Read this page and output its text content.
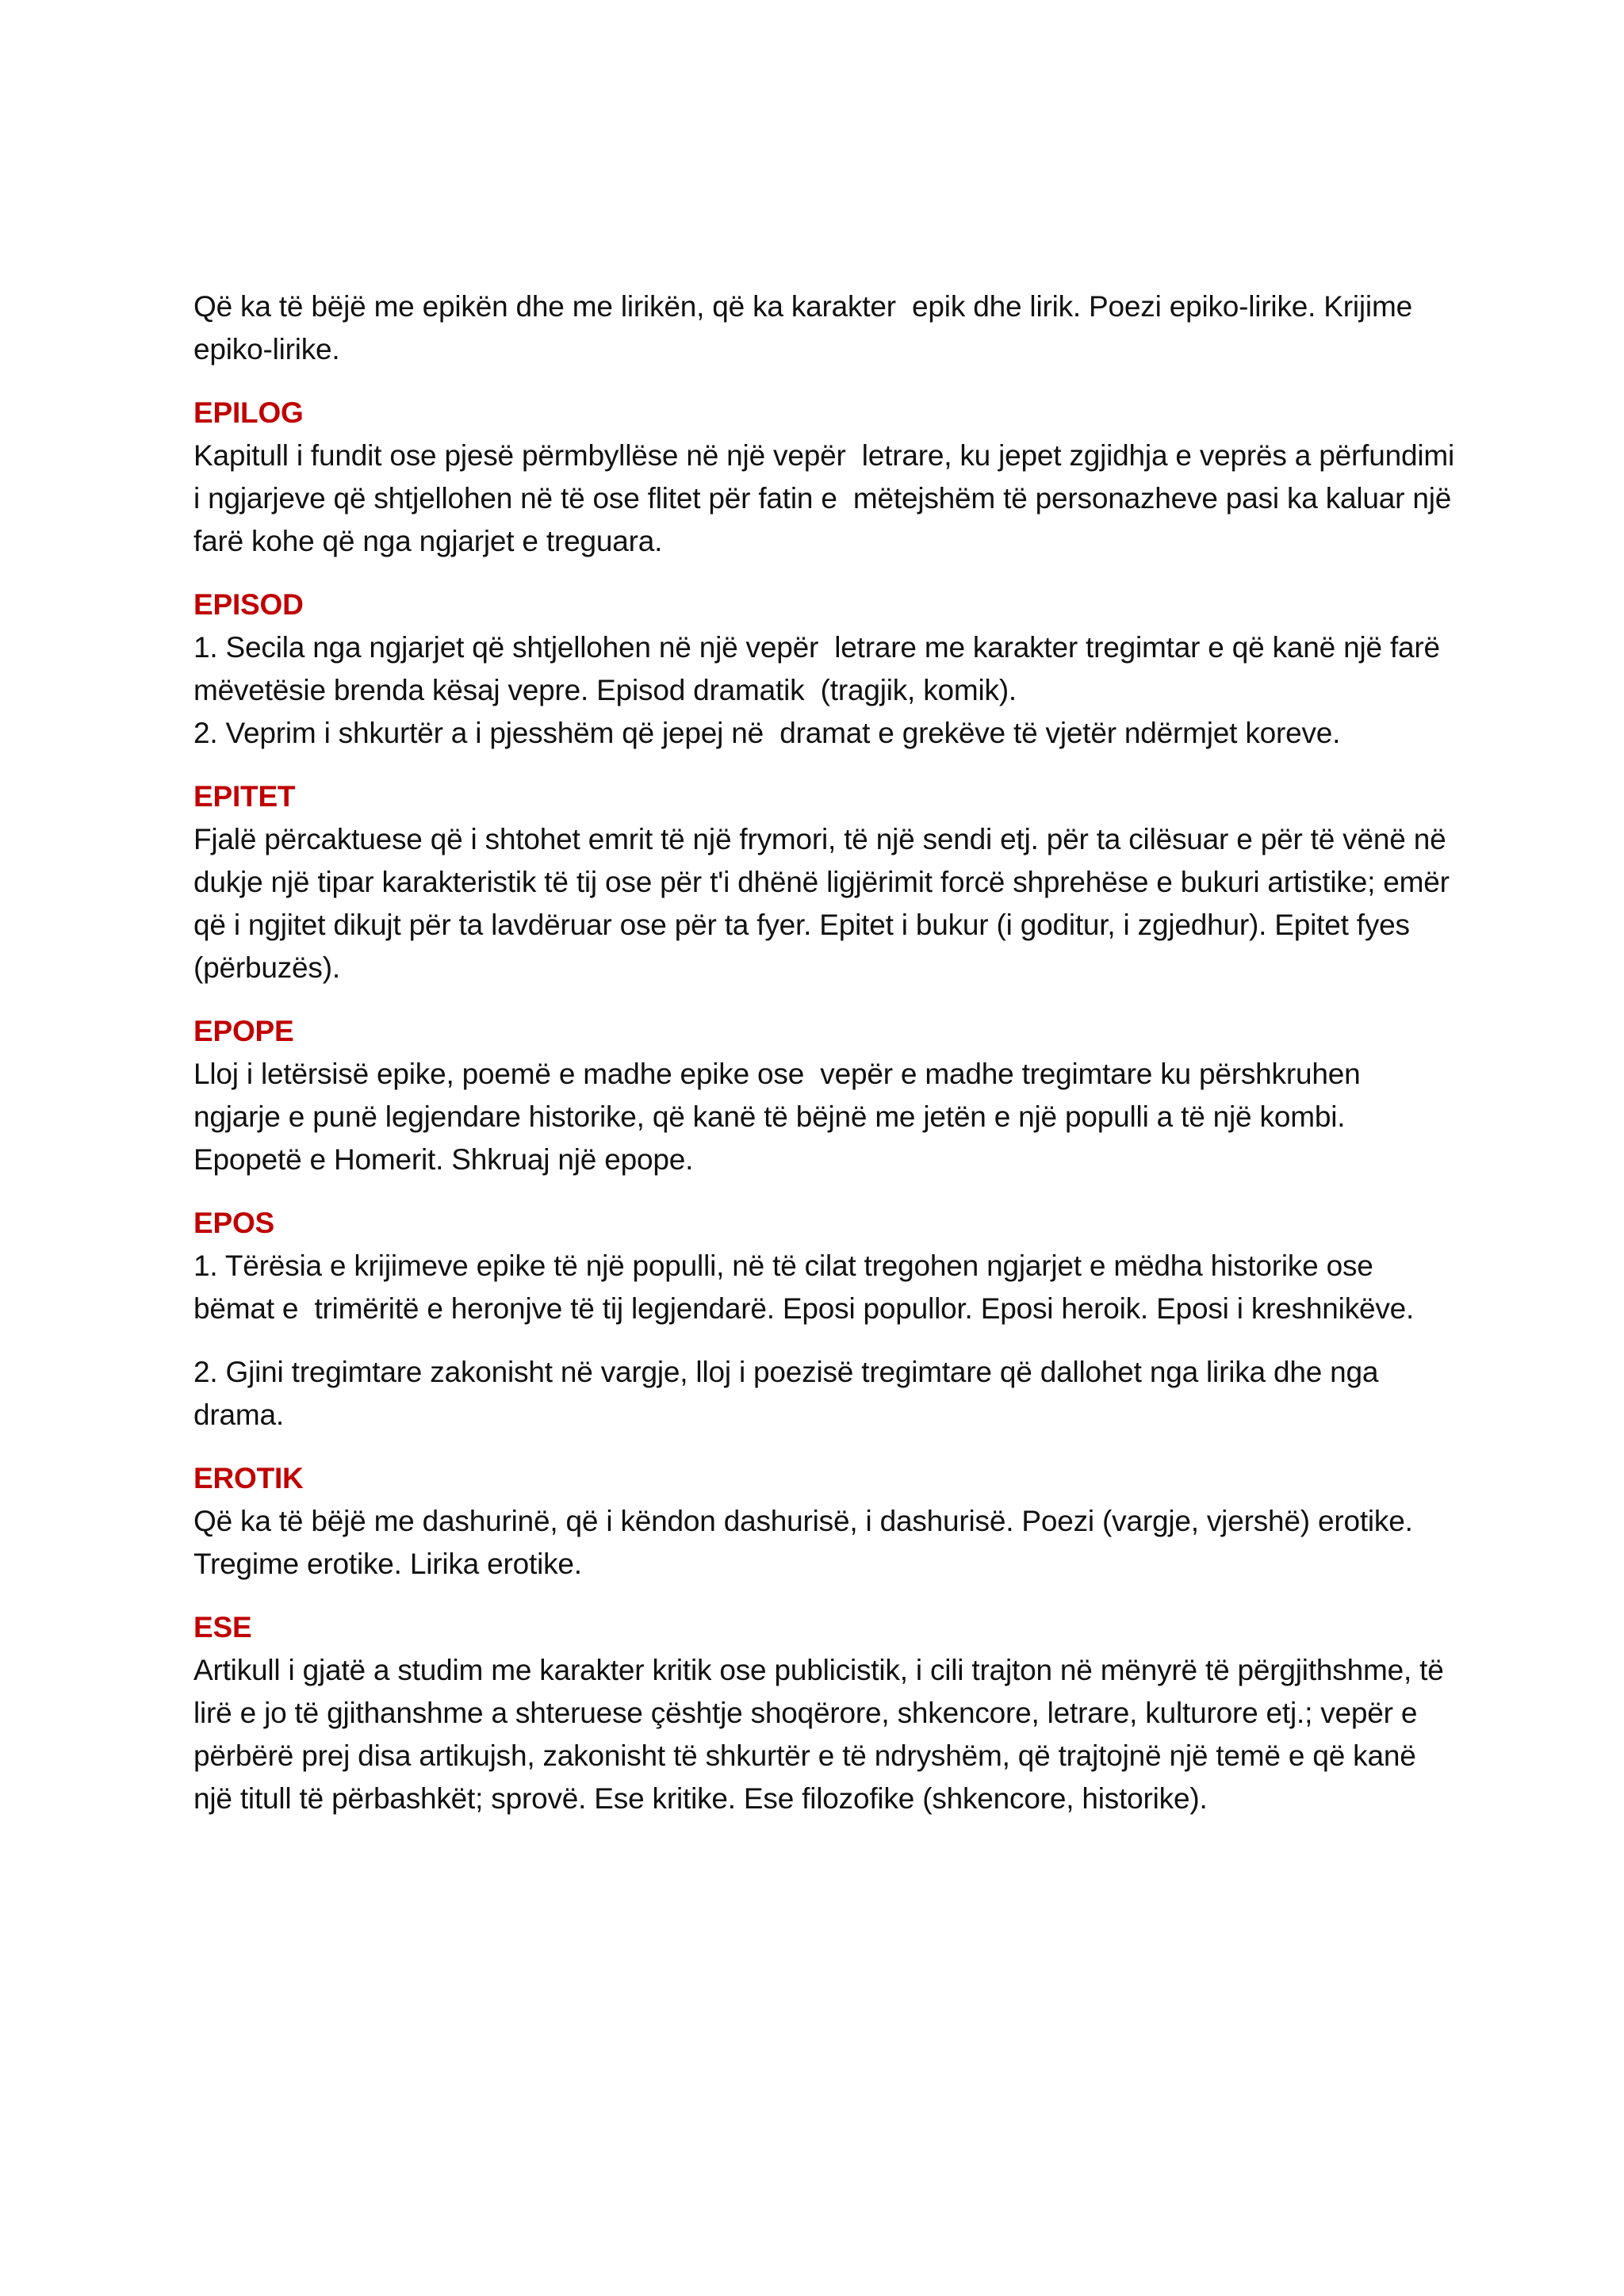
Që ka të bëjë me epikën dhe me lirikën, që ka karakter  epik dhe lirik. Poezi epiko-lirike. Krijime epiko-lirike.

EPILOG

Kapitull i fundit ose pjesë përmbyllëse në një vepër  letrare, ku jepet zgjidhja e veprës a përfundimi i ngjarjeve që shtjellohen në të ose flitet për fatin e  mëtejshëm të personazheve pasi ka kaluar një farë kohe që nga ngjarjet e treguara.

EPISOD

1. Secila nga ngjarjet që shtjellohen në një vepër  letrare me karakter tregimtar e që kanë një farë  mëvetësie brenda kësaj vepre. Episod dramatik  (tragjik, komik).

2. Veprim i shkurtër a i pjesshëm që jepej në  dramat e grekëve të vjetër ndërmjet koreve.

EPITET

Fjalë përcaktuese që i shtohet emrit të një frymori, të një sendi etj. për ta cilësuar e për të vënë në  dukje një tipar karakteristik të tij ose për t'i dhënë ligjërimit forcë shprehëse e bukuri artistike; emër që i ngjitet dikujt për ta lavdëruar ose për ta fyer. Epitet i bukur (i goditur, i zgjedhur). Epitet fyes (përbuzës).

EPOPE

Lloj i letërsisë epike, poemë e madhe epike ose  vepër e madhe tregimtare ku përshkruhen ngjarje e punë legjendare historike, që kanë të bëjnë me jetën e një populli a të një kombi. Epopetë e Homerit. Shkruaj një epope.

EPOS

1. Tërësia e krijimeve epike të një populli, në të cilat tregohen ngjarjet e mëdha historike ose bëmat e  trimëritë e heronjve të tij legjendarë. Eposi popullor. Eposi heroik. Eposi i kreshnikëve.

2. Gjini tregimtare zakonisht në vargje, lloj i poezisë tregimtare që dallohet nga lirika dhe nga drama.

EROTIK

Që ka të bëjë me dashurinë, që i këndon dashurisë, i dashurisë. Poezi (vargje, vjershë) erotike. Tregime erotike. Lirika erotike.

ESE

Artikull i gjatë a studim me karakter kritik ose publicistik, i cili trajton në mënyrë të përgjithshme, të lirë e jo të gjithanshme a shteruese çështje shoqërore, shkencore, letrare, kulturore etj.; vepër e përbërë prej disa artikujsh, zakonisht të shkurtër e të ndryshëm, që trajtojnë një temë e që kanë një titull të përbashkët; sprovë. Ese kritike. Ese filozofike (shkencore, historike).
